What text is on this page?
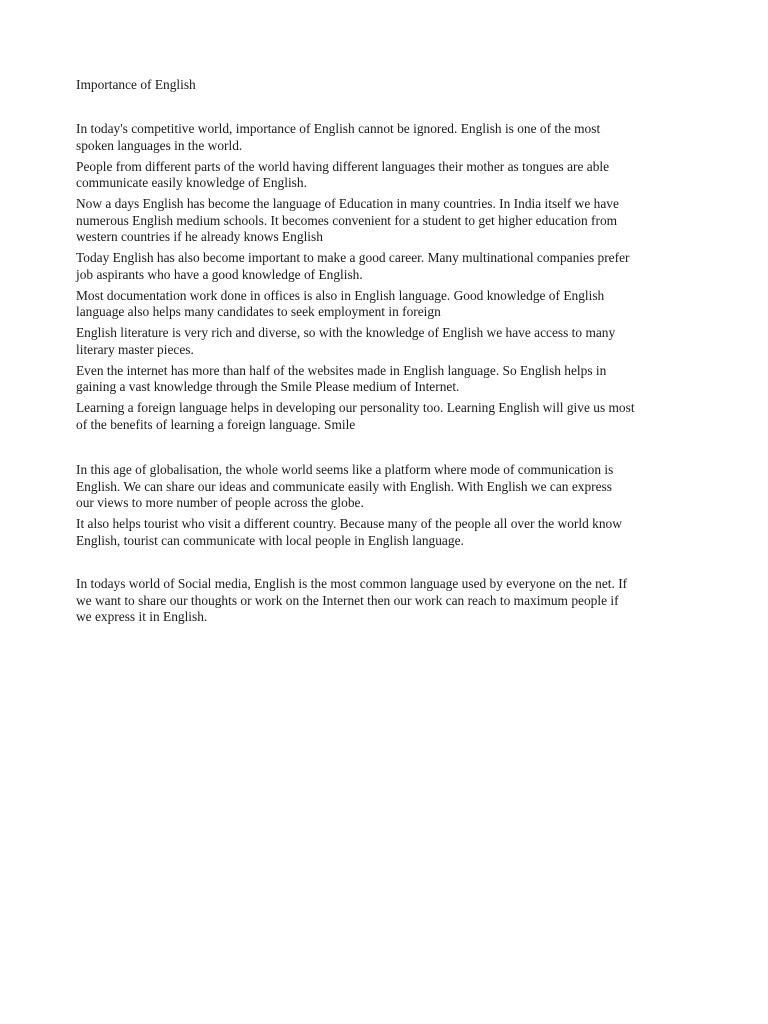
Importance of English

In today's competitive world, importance of English cannot be ignored. English is one of the most
spoken languages in the world.

People from different parts of the world having different languages their mother as tongues are able
communicate easily knowledge of English.

Now a days English has become the language of Education in many countries. In India itself we have
numerous English medium schools. It becomes convenient for a student to get higher education from
western countries if he already knows English

Today English has also become important to make a good career. Many multinational companies prefer
job aspirants who have a good knowledge of English.

Most documentation work done in offices is also in English language. Good knowledge of English
language also helps many candidates to seek employment in foreign

English literature is very rich and diverse, so with the knowledge of English we have access to many
literary master pieces.

Even the internet has more than half of the websites made in English language. So English helps in
gaining a vast knowledge through the Smile Please medium of Internet.

Learning a foreign language helps in developing our personality too. Learning English will give us most
of the benefits of learning a foreign language. Smile

In this age of globalisation, the whole world seems like a platform where mode of communication is
English. We can share our ideas and communicate easily with English. With English we can express
our views to more number of people across the globe.

It also helps tourist who visit a different country. Because many of the people all over the world know
English, tourist can communicate with local people in English language.

In todays world of Social media, English is the most common language used by everyone on the net. If
we want to share our thoughts or work on the Internet then our work can reach to maximum people if
we express it in English.
